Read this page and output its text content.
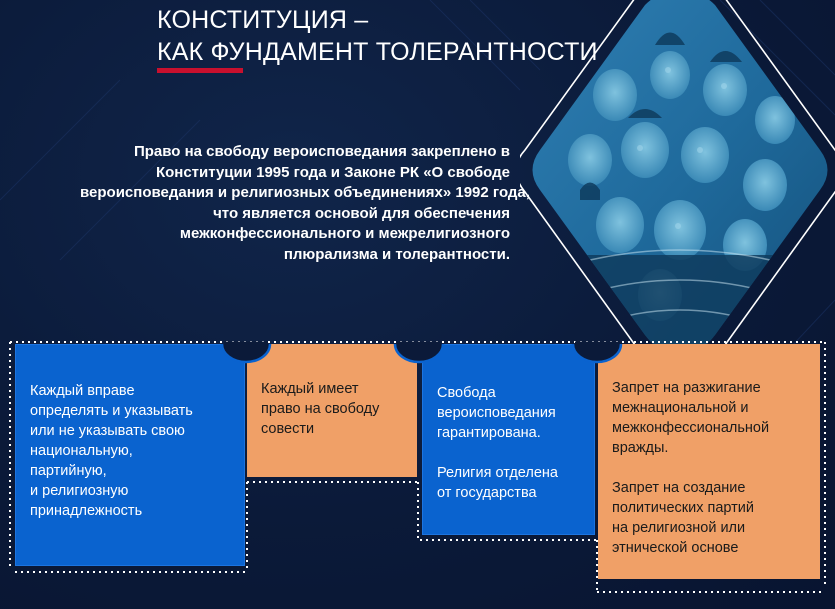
КОНСТИТУЦИЯ –
КАК ФУНДАМЕНТ ТОЛЕРАНТНОСТИ

Право на свободу вероисповедания закреплено в
Конституции 1995 года и Законе РК «О свободе
вероисповедания и религиозных объединениях» 1992 года,
что является основой для обеспечения
межконфессионального и межрелигиозного
плюрализма и толерантности.

Каждый вправе
определять и указывать
или не указывать свою
национальную,
партийную,
и религиозную
принадлежность

Каждый имеет
право на свободу
совести

Свобода
вероисповедания
гарантирована.

Религия отделена
от государства

Запрет на разжигание
межнациональной и
межконфессиональной
вражды.

Запрет на создание
политических партий
на религиозной или
этнической основе
